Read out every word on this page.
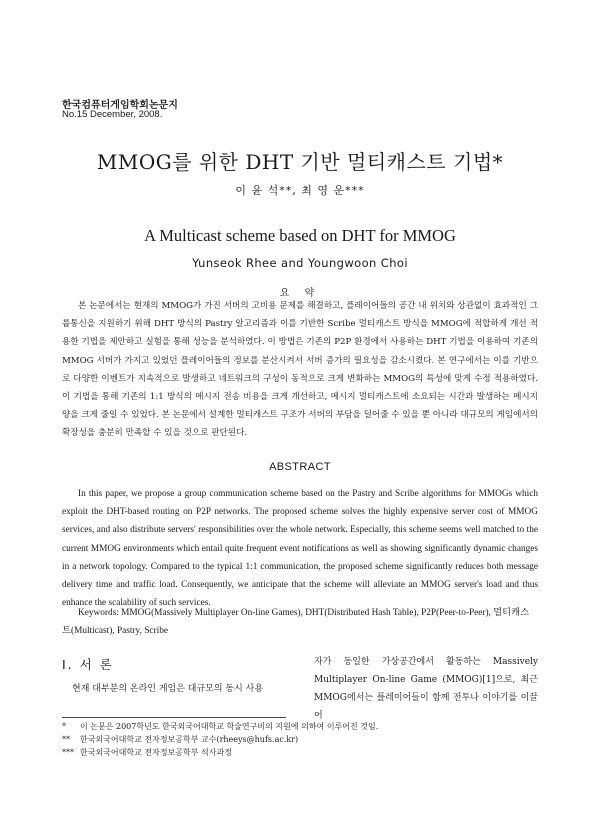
한국컴퓨터게임학회논문지
No.15 December, 2008.
MMOG를 위한 DHT 기반 멀티캐스트 기법*
이 윤 석**, 최 영 운***
A Multicast scheme based on DHT for MMOG
Yunseok Rhee and Youngwoon Choi
요 약
본 논문에서는 현재의 MMOG가 가진 서버의 고비용 문제를 해결하고, 플레이어들의 공간 내 위치와 상관없이 효과적인 그룹통신을 지원하기 위해 DHT 방식의 Pastry 알고리즘과 이를 기반한 Scribe 멀티캐스트 방식을 MMOG에 적합하게 개선 적용한 기법을 제안하고 실험을 통해 성능을 분석하였다. 이 방법은 기존의 P2P 환경에서 사용하는 DHT 기법을 이용하여 기존의 MMOG 서버가 가지고 있었던 플레이어들의 정보를 분산시켜서 서버 증가의 필요성을 감소시켰다. 본 연구에서는 이를 기반으로 다양한 이벤트가 지속적으로 발생하고 네트워크의 구성이 동적으로 크게 변화하는 MMOG의 특성에 맞게 수정 적용하였다. 이 기법을 통해 기존의 1:1 방식의 메시지 전송 비용을 크게 개선하고, 메시지 멀티캐스트에 소요되는 시간과 발생하는 메시지 양을 크게 줄일 수 있었다. 본 논문에서 설계한 멀티캐스트 구조가 서버의 부담을 덜어줄 수 있을 뿐 아니라 대규모의 게임에서의 확장성을 충분히 만족할 수 있을 것으로 판단된다.
ABSTRACT
In this paper, we propose a group communication scheme based on the Pastry and Scribe algorithms for MMOGs which exploit the DHT-based routing on P2P networks. The proposed scheme solves the highly expensive server cost of MMOG services, and also distribute servers' responsibilities over the whole network. Especially, this scheme seems well matched to the current MMOG environments which entail quite frequent event notifications as well as showing significantly dynamic changes in a network topology. Compared to the typical 1:1 communication, the proposed scheme significantly reduces both message delivery time and traffic load. Consequently, we anticipate that the scheme will alleviate an MMOG server's load and thus enhance the scalability of such services.
Keywords: MMOG(Massively Multiplayer On-line Games), DHT(Distributed Hash Table), P2P(Peer-to-Peer), 멀티캐스트(Multicast), Pastry, Scribe
Ⅰ. 서 론
현재 대부분의 온라인 게임은 대규모의 동시 사용
자가 동일한 가상공간에서 활동하는 Massively Multiplayer On-line Game (MMOG)[1]으로, 최근 MMOG에서는 플레이어들이 함께 전투나 이야기를 이끌어
* 이 논문은 2007학년도 한국외국어대학교 학술연구비의 지원에 의하여 이루어진 것임.
** 한국외국어대학교 전자정보공학부 교수(rheeys@hufs.ac.kr)
*** 한국외국어대학교 전자정보공학부 석사과정
